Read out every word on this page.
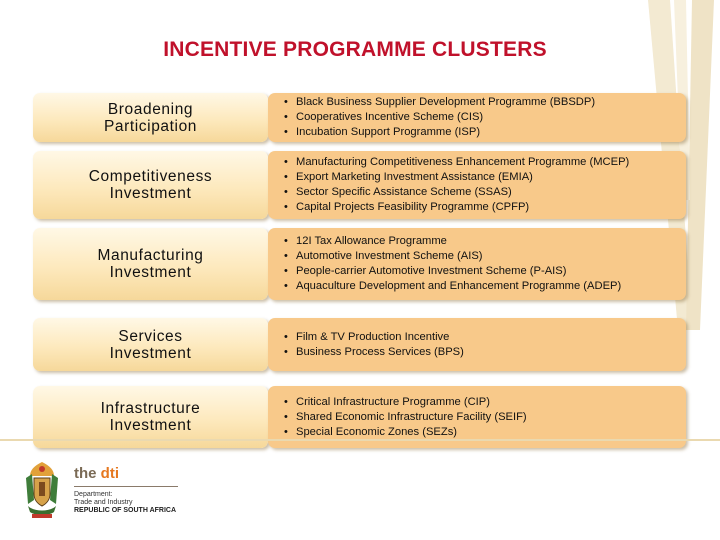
INCENTIVE PROGRAMME CLUSTERS
Broadening
Participation
• Black Business Supplier Development Programme (BBSDP)
• Cooperatives Incentive Scheme (CIS)
• Incubation Support Programme (ISP)
Competitiveness
Investment
• Manufacturing Competitiveness Enhancement Programme (MCEP)
• Export Marketing Investment Assistance (EMIA)
• Sector Specific Assistance Scheme (SSAS)
• Capital Projects Feasibility Programme (CPFP)
Manufacturing
Investment
• 12I Tax Allowance Programme
• Automotive Investment Scheme (AIS)
• People-carrier Automotive Investment Scheme (P-AIS)
• Aquaculture Development and Enhancement Programme (ADEP)
Services
Investment
• Film & TV Production Incentive
• Business Process Services (BPS)
Infrastructure
Investment
• Critical Infrastructure Programme (CIP)
• Shared Economic Infrastructure Facility (SEIF)
• Special Economic Zones (SEZs)
the dti
Department:
Trade and Industry
REPUBLIC OF SOUTH AFRICA
